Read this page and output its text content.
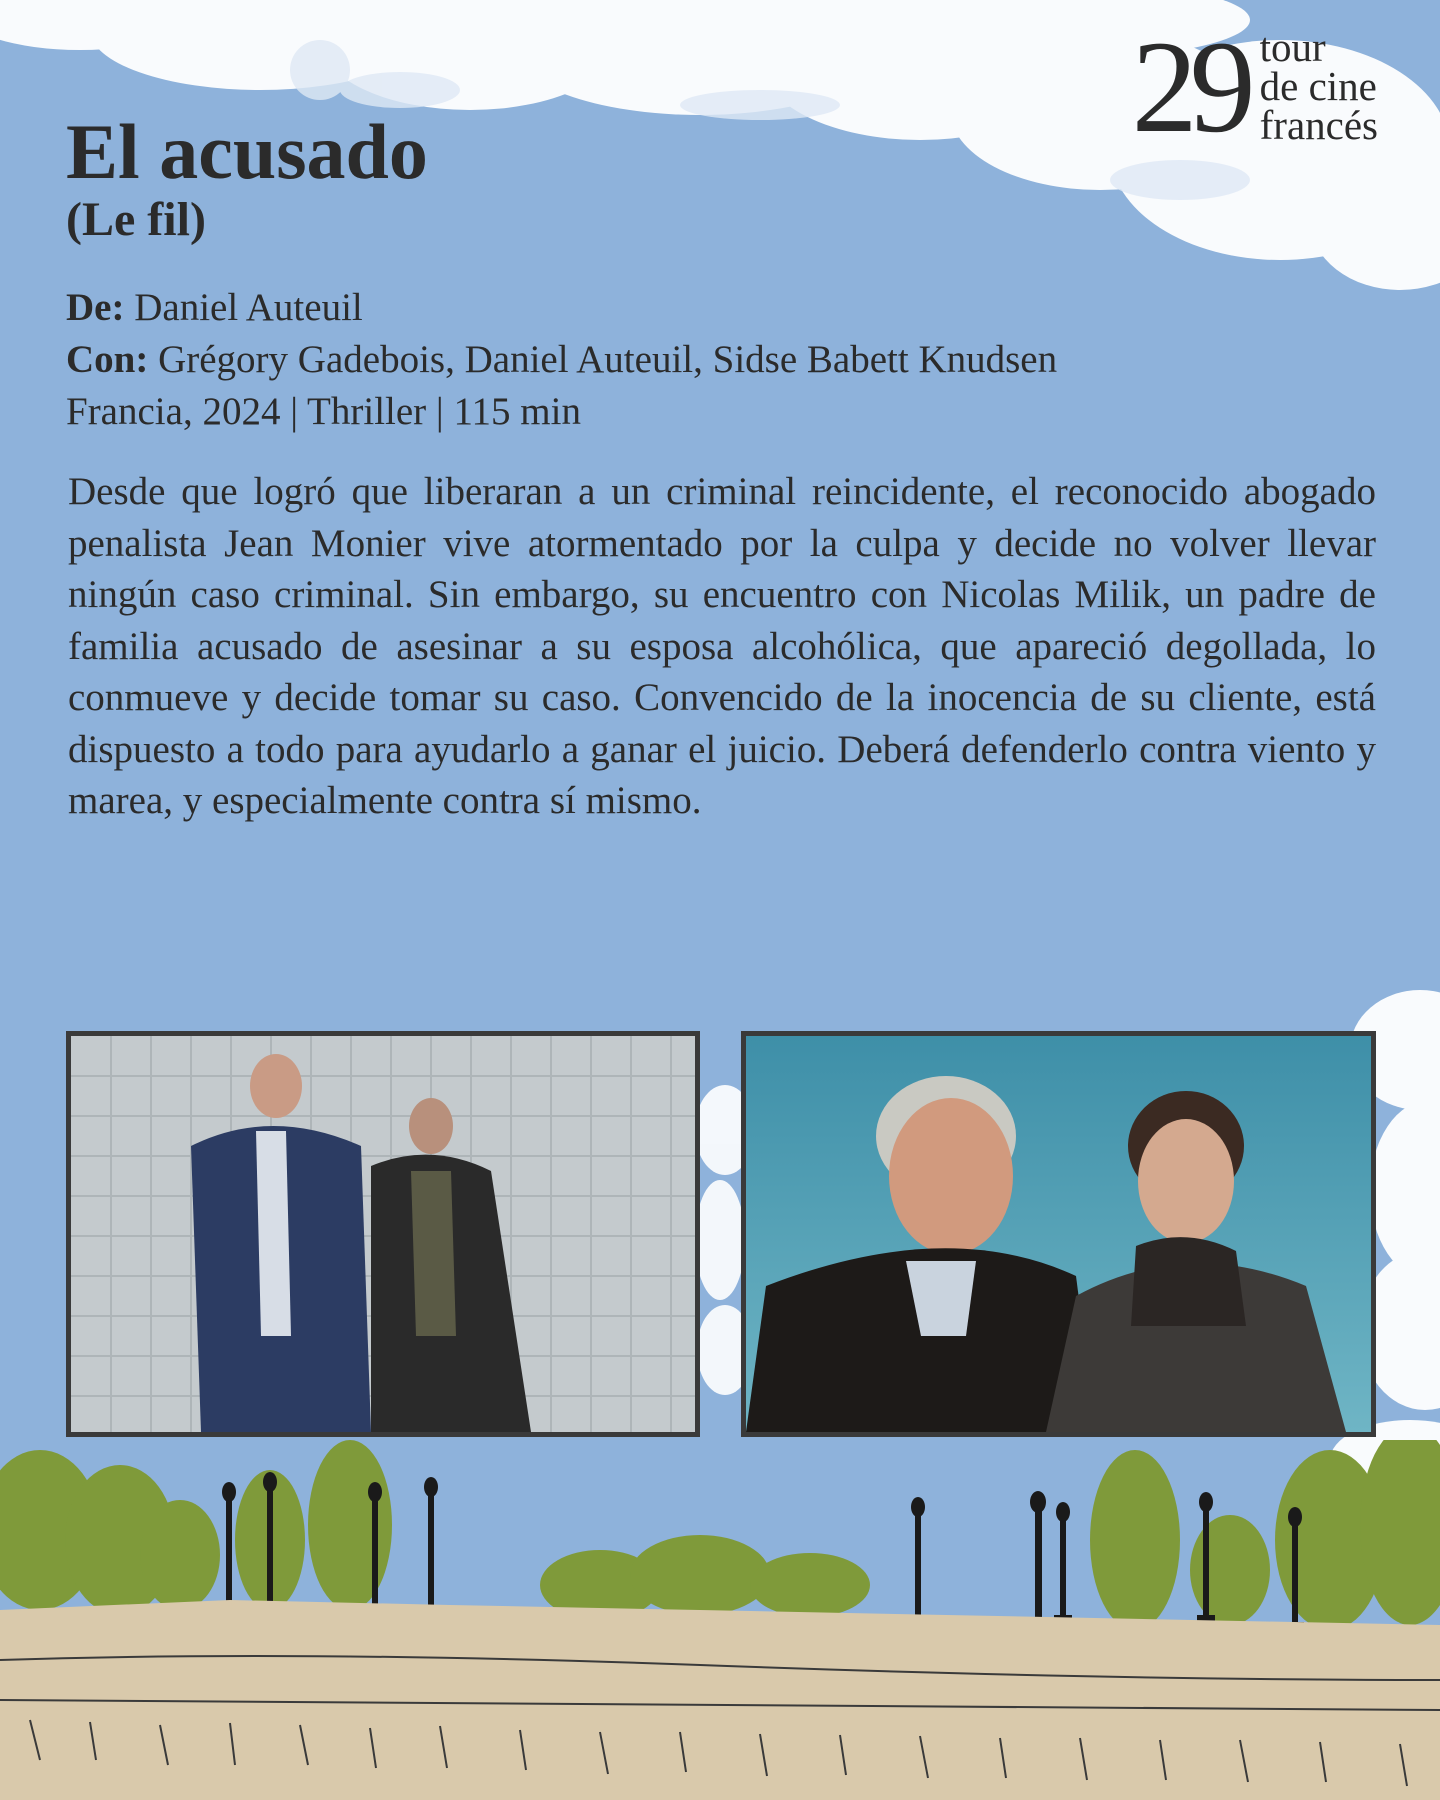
29 tour
de cine
francés
El acusado
(Le fil)
De: Daniel Auteuil
Con: Grégory Gadebois, Daniel Auteuil, Sidse Babett Knudsen
Francia, 2024 | Thriller | 115 min

Desde que logró que liberaran a un criminal reincidente, el reconocido abogado penalista Jean Monier vive atormentado por la culpa y decide no volver llevar ningún caso criminal. Sin embargo, su encuentro con Nicolas Milik, un padre de familia acusado de asesinar a su esposa alcohólica, que apareció degollada, lo conmueve y decide tomar su caso. Convencido de la inocencia de su cliente, está dispuesto a todo para ayudarlo a ganar el juicio. Deberá defenderlo contra viento y marea, y especialmente contra sí mismo.
